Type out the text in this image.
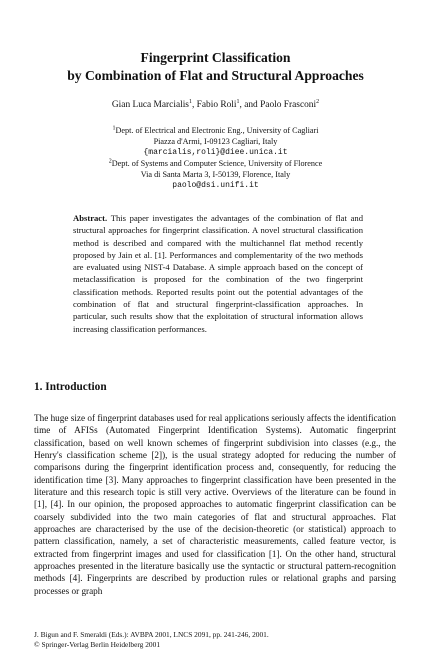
Fingerprint Classification
by Combination of Flat and Structural Approaches
Gian Luca Marcialis$^1$, Fabio Roli$^1$, and Paolo Frasconi$^2$
$^1$Dept. of Electrical and Electronic Eng., University of Cagliari
Piazza d'Armi, I-09123 Cagliari, Italy
{marcialis,roli}@diee.unica.it
$^2$Dept. of Systems and Computer Science, University of Florence
Via di Santa Marta 3, I-50139, Florence, Italy
paolo@dsi.unifi.it
Abstract. This paper investigates the advantages of the combination of flat and structural approaches for fingerprint classification. A novel structural classification method is described and compared with the multichannel flat method recently proposed by Jain et al. [1]. Performances and complementarity of the two methods are evaluated using NIST-4 Database. A simple approach based on the concept of metaclassification is proposed for the combination of the two fingerprint classification methods. Reported results point out the potential advantages of the combination of flat and structural fingerprint-classification approaches. In particular, such results show that the exploitation of structural information allows increasing classification performances.
1. Introduction

The huge size of fingerprint databases used for real applications seriously affects the identification time of AFISs (Automated Fingerprint Identification Systems). Automatic fingerprint classification, based on well known schemes of fingerprint subdivision into classes (e.g., the Henry's classification scheme [2]), is the usual strategy adopted for reducing the number of comparisons during the fingerprint identification process and, consequently, for reducing the identification time [3]. Many approaches to fingerprint classification have been presented in the literature and this research topic is still very active. Overviews of the literature can be found in [1], [4]. In our opinion, the proposed approaches to automatic fingerprint classification can be coarsely subdivided into the two main categories of flat and structural approaches. Flat approaches are characterised by the use of the decision-theoretic (or statistical) approach to pattern classification, namely, a set of characteristic measurements, called feature vector, is extracted from fingerprint images and used for classification [1]. On the other hand, structural approaches presented in the literature basically use the syntactic or structural pattern-recognition methods [4]. Fingerprints are described by production rules or relational graphs and parsing processes or graph

J. Bigun and F. Smeraldi (Eds.): AVBPA 2001, LNCS 2091, pp. 241-246, 2001.
© Springer-Verlag Berlin Heidelberg 2001
